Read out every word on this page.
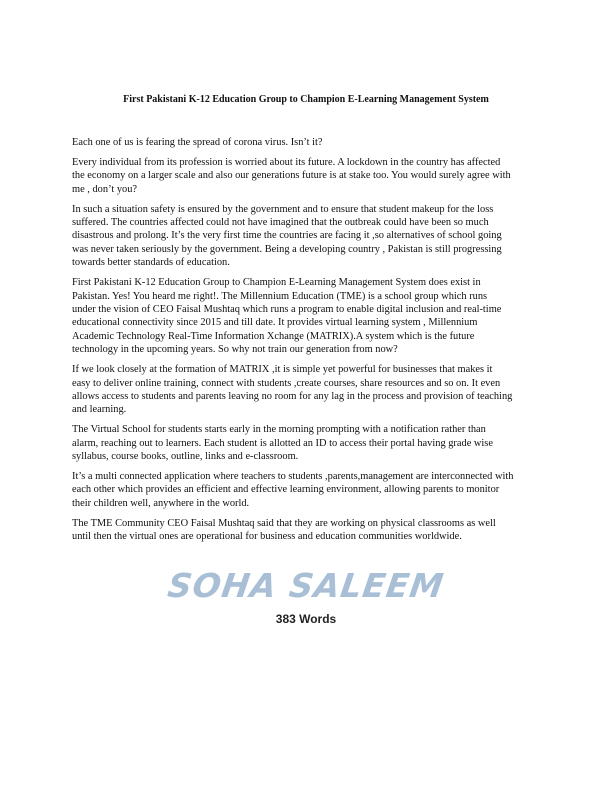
First Pakistani K-12 Education Group to Champion E-Learning Management System
Each one of us is fearing the spread of corona virus. Isn’t it?
Every individual from its profession is worried about its future. A lockdown in the country has affected
the economy on a larger scale and also our generations future is at stake too. You would surely agree with
me , don’t you?
In such a situation safety is ensured by the government and to ensure that student makeup for the loss
suffered. The countries affected could not have imagined that the outbreak could have been so much
disastrous and prolong. It’s the very first time the countries are facing it ,so alternatives of school going
was never taken seriously by the government. Being a developing country , Pakistan is still progressing
towards better standards of education.
First Pakistani K-12 Education Group to Champion E-Learning Management System does exist in
Pakistan. Yes! You heard me right!. The Millennium Education (TME) is a school group which runs
under the vision of CEO Faisal Mushtaq which runs a program to enable digital inclusion and real-time
educational connectivity since 2015 and till date. It provides virtual learning system , Millennium
Academic Technology Real-Time Information Xchange (MATRIX).A system which is the future
technology in the upcoming years. So why not train our generation from now?
If we look closely at the formation of MATRIX ,it is simple yet powerful for businesses that makes it
easy to deliver online training, connect with students ,create courses, share resources and so on. It even
allows access to students and parents leaving no room for any lag in the process and provision of teaching
and learning.
The Virtual School for students starts early in the morning prompting with a notification rather than
alarm, reaching out to learners. Each student is allotted an ID to access their portal having grade wise
syllabus, course books, outline, links and e-classroom.
It’s a multi connected application where teachers to students ,parents,management are interconnected with
each other which provides an efficient and effective learning environment, allowing parents to monitor
their children well, anywhere in the world.
The TME Community CEO Faisal Mushtaq said that they are working on physical classrooms as well
until then the virtual ones are operational for business and education communities worldwide.
SOHA SALEEM
383 Words
